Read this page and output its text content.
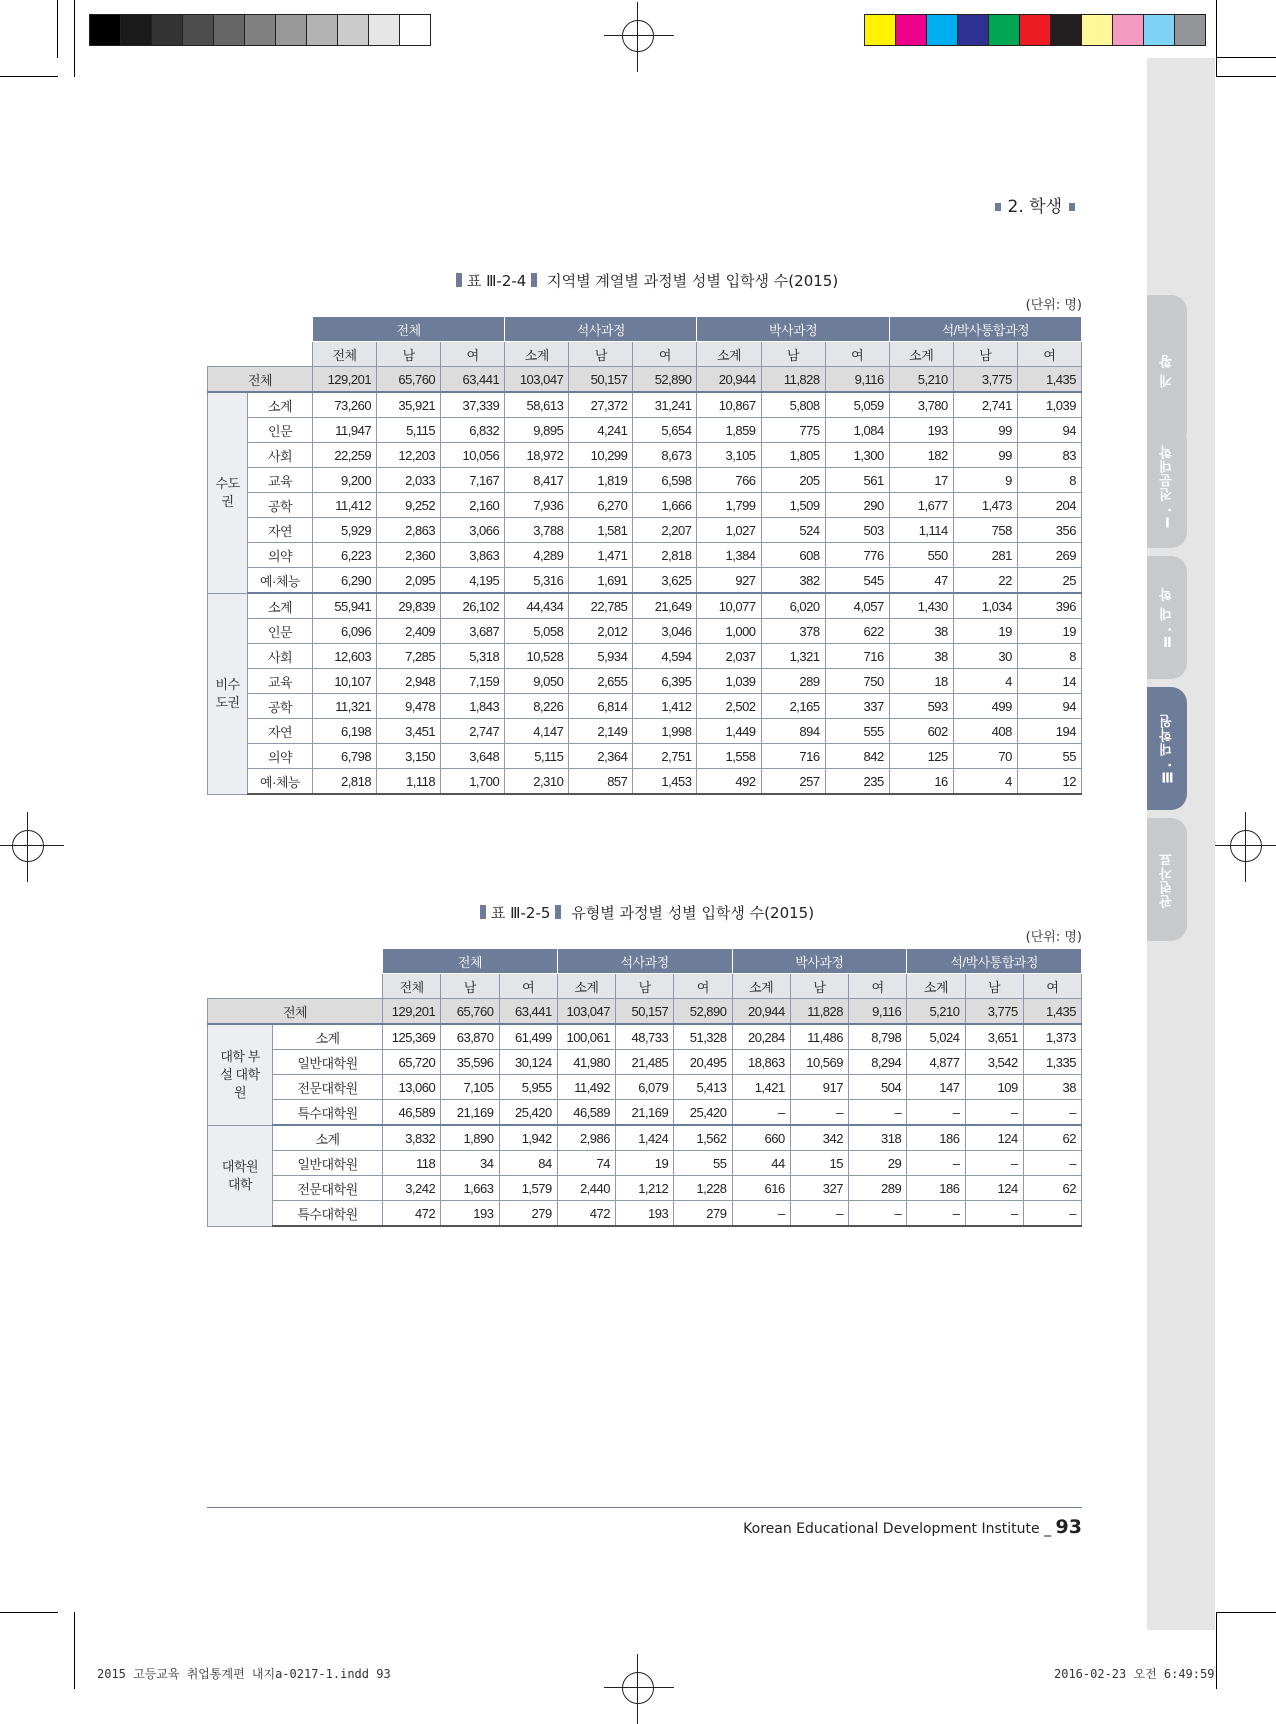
개 황
Ⅰ. 전문대학
Ⅱ. 대 학
Ⅲ. 대학원
관련자료
2. 학생
표 Ⅲ-2-4 지역별 계열별 과정별 성별 입학생 수(2015)
(단위: 명)
		전체			석사과정			박사과정			석/박사통합과정		
		전체	남	여	소계	남	여	소계	남	여	소계	남	여
전체		129,201	65,760	63,441	103,047	50,157	52,890	20,944	11,828	9,116	5,210	3,775	1,435
수도권	소계	73,260	35,921	37,339	58,613	27,372	31,241	10,867	5,808	5,059	3,780	2,741	1,039
	인문	11,947	5,115	6,832	9,895	4,241	5,654	1,859	775	1,084	193	99	94
	사회	22,259	12,203	10,056	18,972	10,299	8,673	3,105	1,805	1,300	182	99	83
	교육	9,200	2,033	7,167	8,417	1,819	6,598	766	205	561	17	9	8
	공학	11,412	9,252	2,160	7,936	6,270	1,666	1,799	1,509	290	1,677	1,473	204
	자연	5,929	2,863	3,066	3,788	1,581	2,207	1,027	524	503	1,114	758	356
	의약	6,223	2,360	3,863	4,289	1,471	2,818	1,384	608	776	550	281	269
	예·체능	6,290	2,095	4,195	5,316	1,691	3,625	927	382	545	47	22	25
비수도권	소계	55,941	29,839	26,102	44,434	22,785	21,649	10,077	6,020	4,057	1,430	1,034	396
	인문	6,096	2,409	3,687	5,058	2,012	3,046	1,000	378	622	38	19	19
	사회	12,603	7,285	5,318	10,528	5,934	4,594	2,037	1,321	716	38	30	8
	교육	10,107	2,948	7,159	9,050	2,655	6,395	1,039	289	750	18	4	14
	공학	11,321	9,478	1,843	8,226	6,814	1,412	2,502	2,165	337	593	499	94
	자연	6,198	3,451	2,747	4,147	2,149	1,998	1,449	894	555	602	408	194
	의약	6,798	3,150	3,648	5,115	2,364	2,751	1,558	716	842	125	70	55
	예·체능	2,818	1,118	1,700	2,310	857	1,453	492	257	235	16	4	12
표 Ⅲ-2-5 유형별 과정별 성별 입학생 수(2015)
(단위: 명)
		전체			석사과정			박사과정			석/박사통합과정		
		전체	남	여	소계	남	여	소계	남	여	소계	남	여
전체		129,201	65,760	63,441	103,047	50,157	52,890	20,944	11,828	9,116	5,210	3,775	1,435
대학 부설 대학원	소계	125,369	63,870	61,499	100,061	48,733	51,328	20,284	11,486	8,798	5,024	3,651	1,373
	일반대학원	65,720	35,596	30,124	41,980	21,485	20,495	18,863	10,569	8,294	4,877	3,542	1,335
	전문대학원	13,060	7,105	5,955	11,492	6,079	5,413	1,421	917	504	147	109	38
	특수대학원	46,589	21,169	25,420	46,589	21,169	25,420	–	–	–	–	–	–
대학원 대학	소계	3,832	1,890	1,942	2,986	1,424	1,562	660	342	318	186	124	62
	일반대학원	118	34	84	74	19	55	44	15	29	–	–	–
	전문대학원	3,242	1,663	1,579	2,440	1,212	1,228	616	327	289	186	124	62
	특수대학원	472	193	279	472	193	279	–	–	–	–	–	–
Korean Educational Development Institute _ 93
2015 고등교육 취업통계편 내지a-0217-1.indd 93	2016-02-23 오전 6:49:59
